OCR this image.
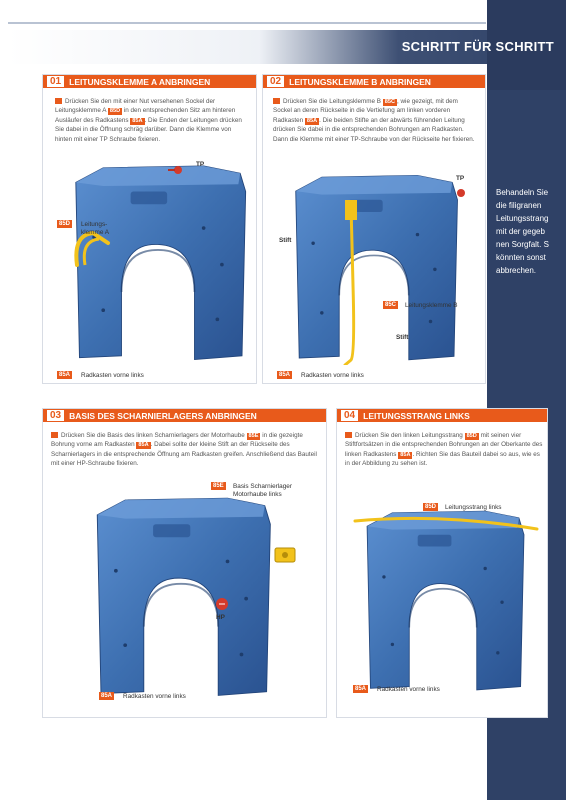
SCHRITT FÜR SCHRITT
Behandeln Sie
die filigranen
Leitungsstrang
mit der gegeb
nen Sorgfalt. S
könnten sonst
abbrechen.
01 LEITUNGSKLEMME A ANBRINGEN
Drücken Sie den mit einer Nut versehenen Sockel der Leitungsklemme A 85D in den entsprechenden Sitz am hinteren Ausläufer des Radkastens 85A . Die Enden der Leitungen drücken Sie dabei in die Öffnung schräg darüber. Dann die Klemme von hinten mit einer TP Schraube fixieren.
TP
85D	Leitungs-
klemme A
85A	Radkasten vorne links
02 LEITUNGSKLEMME B ANBRINGEN
Drücken Sie die Leitungsklemme B 85C , wie gezeigt, mit dem Sockel an deren Rückseite in die Vertiefung am linken vorderen Radkasten 85A . Die beiden Stifte an der abwärts führenden Leitung drücken Sie dabei in die entsprechenden Bohrungen am Radkasten. Dann die Klemme mit einer TP-Schraube von der Rückseite her fixieren.
TP
Stift
85C	Leitungsklemme B
Stift
85A	Radkasten vorne links
03 BASIS DES SCHARNIERLAGERS ANBRINGEN
Drücken Sie die Basis des linken Scharnierlagers der Motorhaube 85E in die gezeigte Bohrung vorne am Radkasten 85A . Dabei sollte der kleine Stift an der Rückseite des Scharnierlagers in die entsprechende Öffnung am Radkasten greifen. Anschließend das Bauteil mit einer HP-Schraube fixieren.
85E	Basis Scharnierlager
Motorhaube links
HP
85A	Radkasten vorne links
04 LEITUNGSSTRANG LINKS
Drücken Sie den linken Leitungsstrang 85D mit seinen vier Stiftfortsätzen in die entsprechenden Bohrungen an der Oberkante des linken Radkastens 85A . Richten Sie das Bauteil dabei so aus, wie es in der Abbildung zu sehen ist.
85D	Leitungsstrang links
85A	Radkasten vorne links
